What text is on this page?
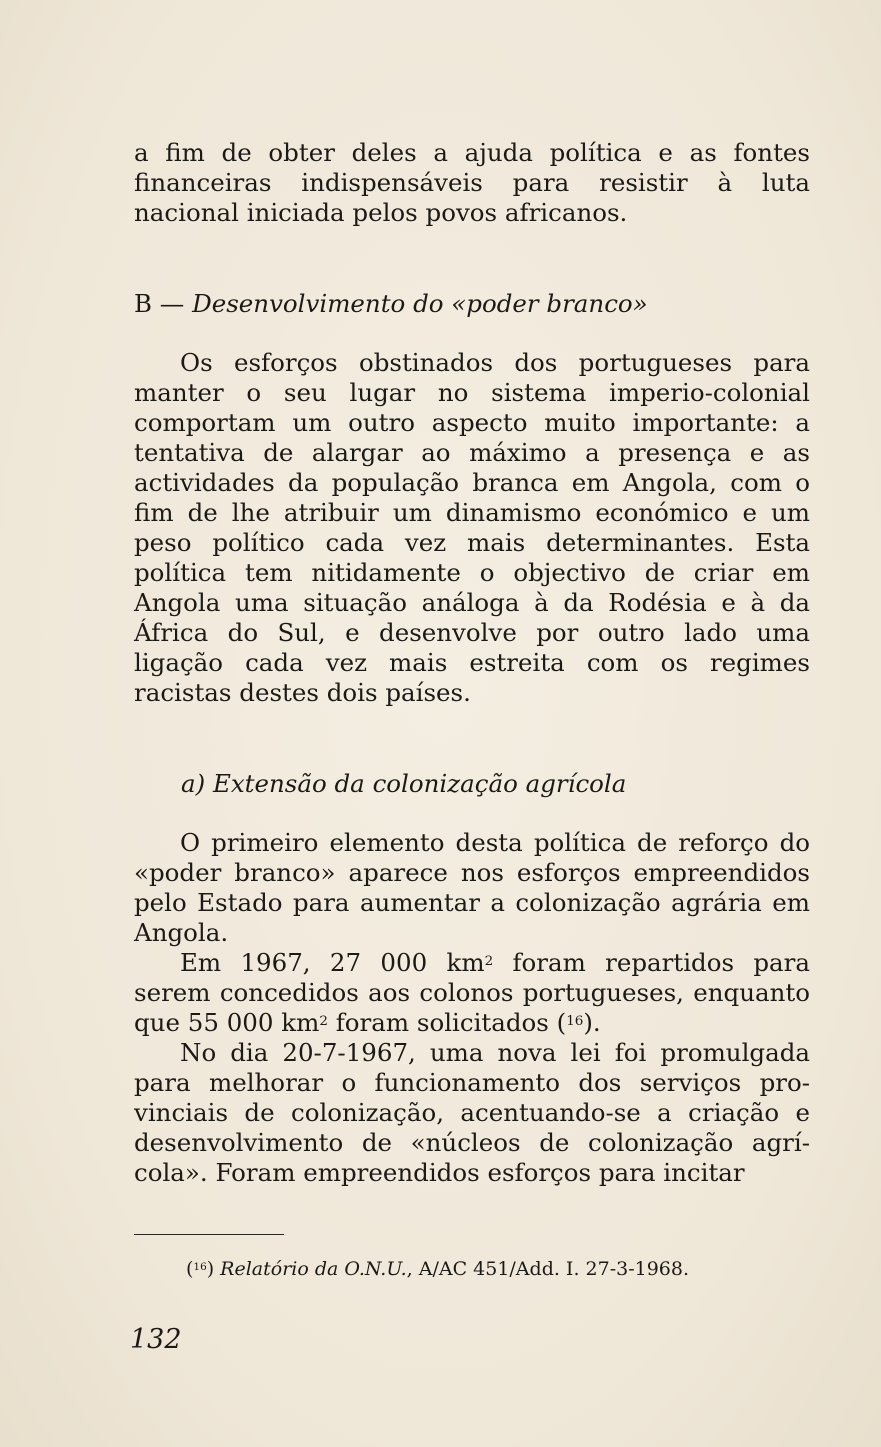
a fim de obter deles a ajuda política e as fontes financeiras indispensáveis para resistir à luta nacional iniciada pelos povos africanos.

B — Desenvolvimento do «poder branco»

Os esforços obstinados dos portugueses para manter o seu lugar no sistema imperio-colonial comportam um outro aspecto muito importante: a tentativa de alargar ao máximo a presença e as actividades da população branca em Angola, com o fim de lhe atribuir um dinamismo económico e um peso político cada vez mais determinantes. Esta política tem nitidamente o objectivo de criar em Angola uma situação análoga à da Rodésia e à da África do Sul, e desenvolve por outro lado uma ligação cada vez mais estreita com os regimes racistas destes dois países.

a) Extensão da colonização agrícola

O primeiro elemento desta política de reforço do «poder branco» aparece nos esforços empreendidos pelo Estado para aumentar a colonização agrária em Angola.

Em 1967, 27 000 $km^2$ foram repartidos para serem concedidos aos colonos portugueses, enquanto que 55 000 $km^2$ foram solicitados ($^{16}$).

No dia 20-7-1967, uma nova lei foi promulgada para melhorar o funcionamento dos serviços provinciais de colonização, acentuando-se a criação e desenvolvimento de «núcleos de colonização agrícola». Foram empreendidos esforços para incitar

($^{16}$) Relatório da O.N.U., A/AC 451/Add. I. 27-3-1968.
132
